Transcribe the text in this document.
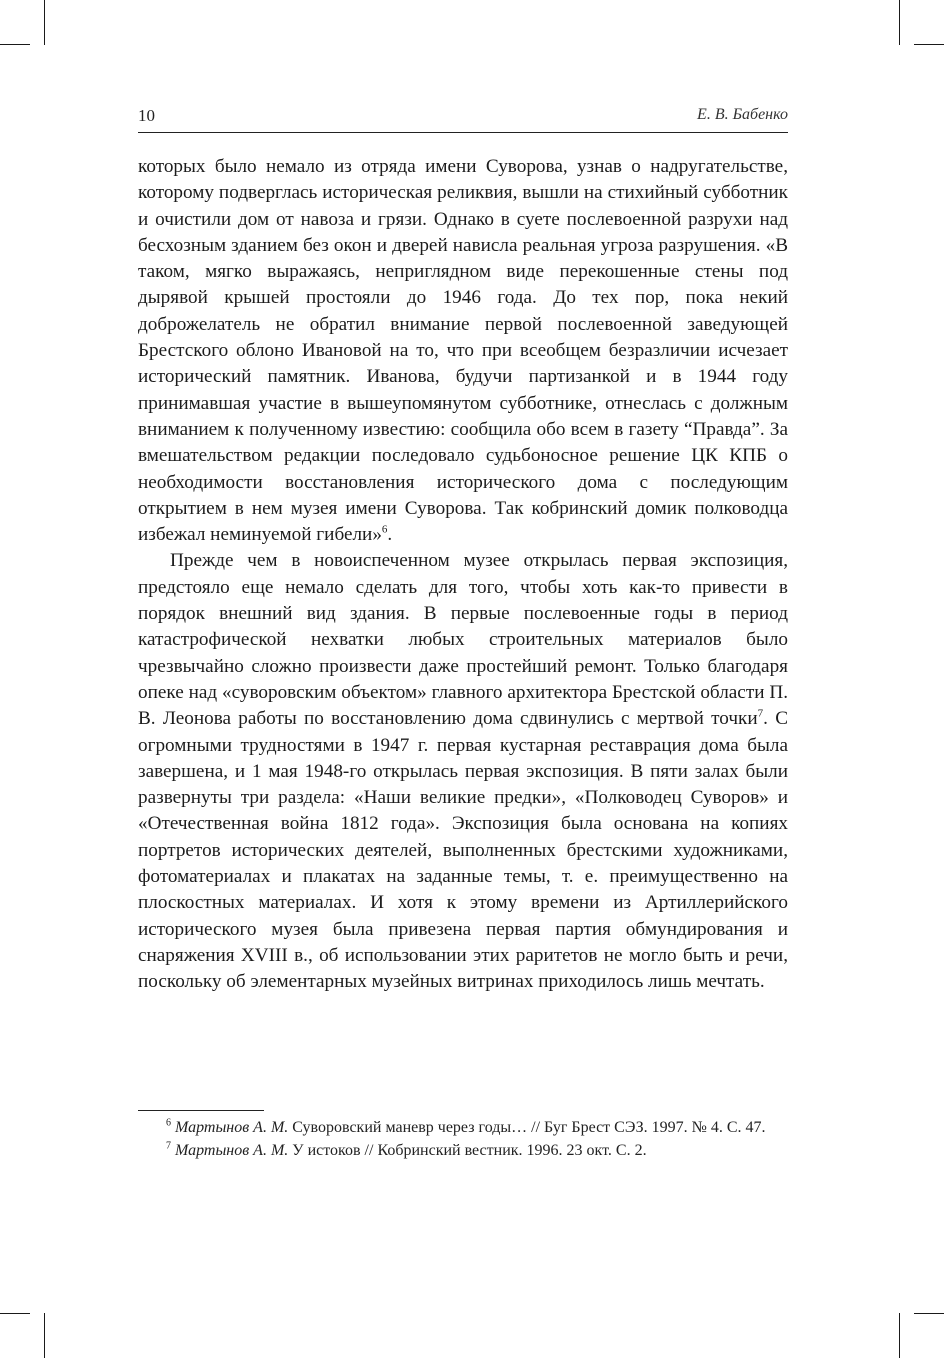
10	Е. В. Бабенко

которых было немало из отряда имени Суворова, узнав о надругательстве, которому подверглась историческая реликвия, вышли на стихийный субботник и очистили дом от навоза и грязи. Однако в суете послевоенной разрухи над бесхозным зданием без окон и дверей нависла реальная угроза разрушения. «В таком, мягко выражаясь, неприглядном виде перекошенные стены под дырявой крышей простояли до 1946 года. До тех пор, пока некий доброжелатель не обратил внимание первой послевоенной заведующей Брестского облоно Ивановой на то, что при всеобщем безразличии исчезает исторический памятник. Иванова, будучи партизанкой и в 1944 году принимавшая участие в вышеупомянутом субботнике, отнеслась с должным вниманием к полученному известию: сообщила обо всем в газету “Правда”. За вмешательством редакции последовало судьбоносное решение ЦК КПБ о необходимости восстановления исторического дома с последующим открытием в нем музея имени Суворова. Так кобринский домик полководца избежал неминуемой гибели»$^6$.

Прежде чем в новоиспеченном музее открылась первая экспозиция, предстояло еще немало сделать для того, чтобы хоть как-то привести в порядок внешний вид здания. В первые послевоенные годы в период катастрофической нехватки любых строительных материалов было чрезвычайно сложно произвести даже простейший ремонт. Только благодаря опеке над «суворовским объектом» главного архитектора Брестской области П. В. Леонова работы по восстановлению дома сдвинулись с мертвой точки$^7$. С огромными трудностями в 1947 г. первая кустарная реставрация дома была завершена, и 1 мая 1948-го открылась первая экспозиция. В пяти залах были развернуты три раздела: «Наши великие предки», «Полководец Суворов» и «Отечественная война 1812 года». Экспозиция была основана на копиях портретов исторических деятелей, выполненных брестскими художниками, фотоматериалах и плакатах на заданные темы, т. е. преимущественно на плоскостных материалах. И хотя к этому времени из Артиллерийского исторического музея была привезена первая партия обмундирования и снаряжения XVIII в., об использовании этих раритетов не могло быть и речи, поскольку об элементарных музейных витринах приходилось лишь мечтать.

$^6$ Мартынов А. М. Суворовский маневр через годы… // Буг Брест СЭЗ. 1997. № 4. С. 47.

$^7$ Мартынов А. М. У истоков // Кобринский вестник. 1996. 23 окт. С. 2.
